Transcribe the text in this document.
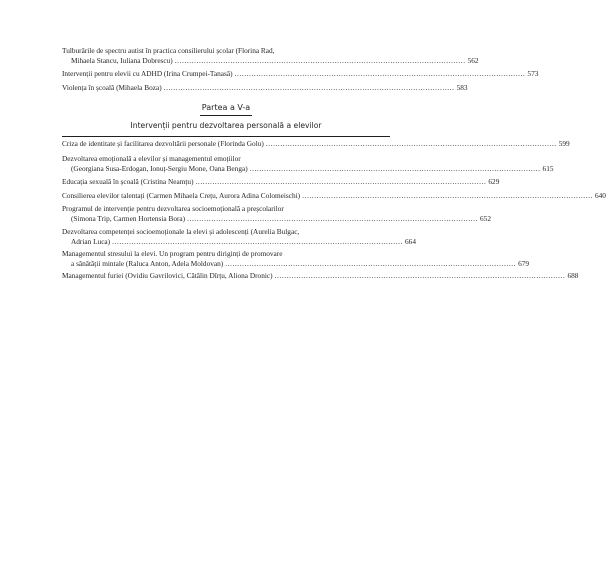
Tulburările de spectru autist în practica consilierului școlar (Florina Rad,
Mihaela Stancu, Iuliana Dobrescu) ........................................................................................................................ 562
Intervenții pentru elevii cu ADHD (Irina Crumpei-Tanasă) ........................................................................................................................ 573
Violența în școală (Mihaela Boza) ........................................................................................................................ 583
Partea a V-a
Intervenții pentru dezvoltarea personală a elevilor
Criza de identitate și facilitarea dezvoltării personale (Florinda Golu) ........................................................................................................................ 599
Dezvoltarea emoțională a elevilor și managementul emoțiilor
(Georgiana Susa-Erdogan, Ionuț-Sergiu Mone, Oana Benga) ........................................................................................................................ 615
Educația sexuală în școală (Cristina Neamțu) ........................................................................................................................ 629
Consilierea elevilor talentați (Carmen Mihaela Crețu, Aurora Adina Colomeischi) ........................................................................................................................ 640
Programul de intervenție pentru dezvoltarea socioemoțională a preșcolarilor
(Simona Trip, Carmen Hortensia Bora) ........................................................................................................................ 652
Dezvoltarea competenței socioemoționale la elevi și adolescenți (Aurelia Bulgac,
Adrian Luca) ........................................................................................................................ 664
Managementul stresului la elevi. Un program pentru diriginți de promovare
a sănătății mintale (Raluca Anton, Adela Moldovan) ........................................................................................................................ 679
Managementul furiei (Ovidiu Gavrilovici, Cătălin Dîrțu, Aliona Dronic) ........................................................................................................................ 688
